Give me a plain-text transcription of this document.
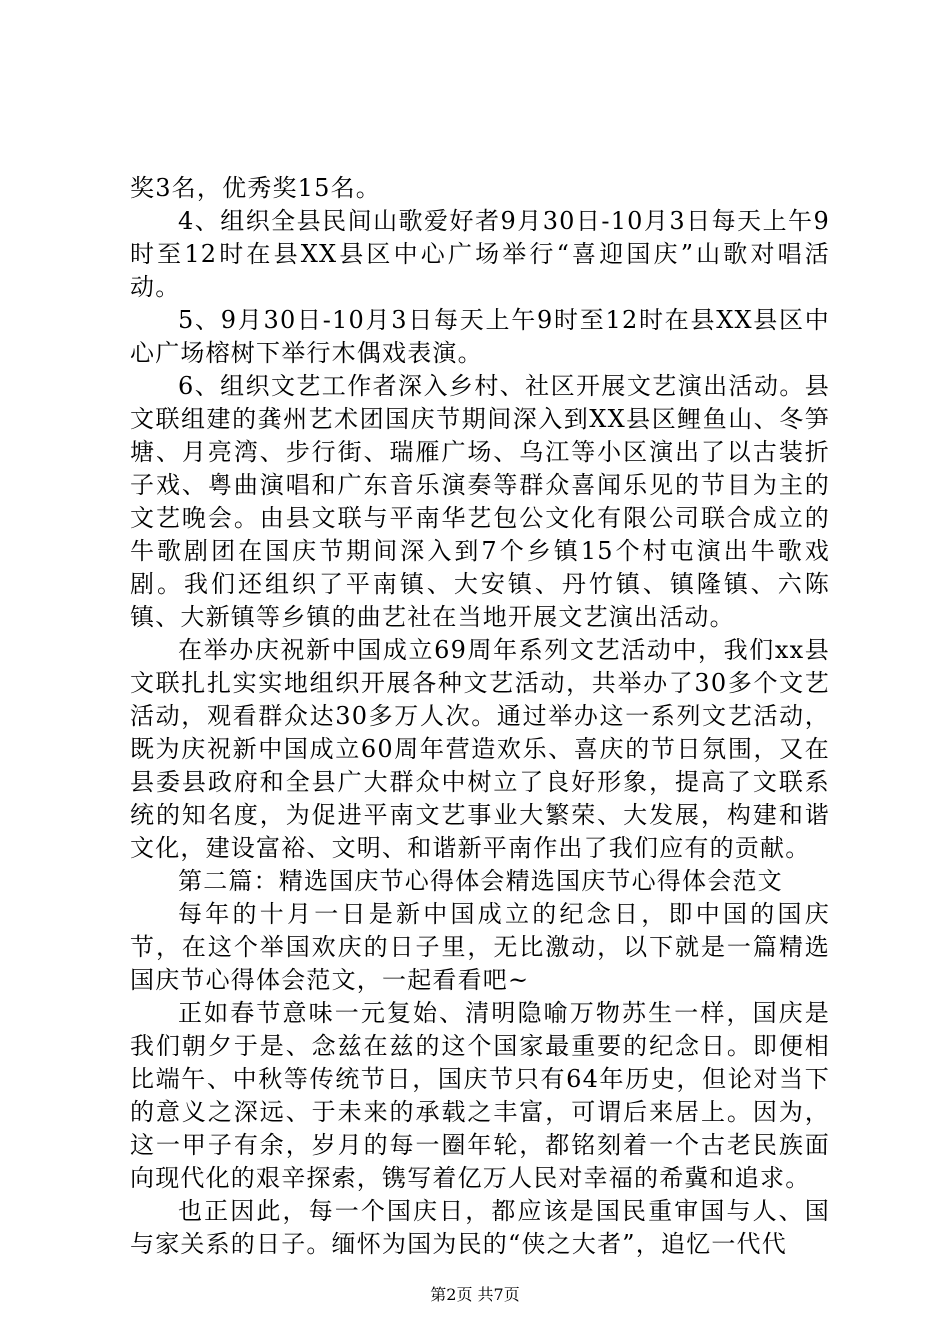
奖3名，优秀奖15名。

4、组织全县民间山歌爱好者9月30日-10月3日每天上午9时至12时在县XX县区中心广场举行“喜迎国庆”山歌对唱活动。

5、9月30日-10月3日每天上午9时至12时在县XX县区中心广场榕树下举行木偶戏表演。

6、组织文艺工作者深入乡村、社区开展文艺演出活动。县文联组建的龚州艺术团国庆节期间深入到XX县区鲤鱼山、冬笋塘、月亮湾、步行街、瑞雁广场、乌江等小区演出了以古装折子戏、粤曲演唱和广东音乐演奏等群众喜闻乐见的节目为主的文艺晚会。由县文联与平南华艺包公文化有限公司联合成立的牛歌剧团在国庆节期间深入到7个乡镇15个村屯演出牛歌戏剧。我们还组织了平南镇、大安镇、丹竹镇、镇隆镇、六陈镇、大新镇等乡镇的曲艺社在当地开展文艺演出活动。

在举办庆祝新中国成立69周年系列文艺活动中，我们xx县文联扎扎实实地组织开展各种文艺活动，共举办了30多个文艺活动，观看群众达30多万人次。通过举办这一系列文艺活动，既为庆祝新中国成立60周年营造欢乐、喜庆的节日氛围，又在县委县政府和全县广大群众中树立了良好形象，提高了文联系统的知名度，为促进平南文艺事业大繁荣、大发展，构建和谐文化，建设富裕、文明、和谐新平南作出了我们应有的贡献。

第二篇：精选国庆节心得体会精选国庆节心得体会范文

每年的十月一日是新中国成立的纪念日，即中国的国庆节，在这个举国欢庆的日子里，无比激动，以下就是一篇精选国庆节心得体会范文，一起看看吧~

正如春节意味一元复始、清明隐喻万物苏生一样，国庆是我们朝夕于是、念兹在兹的这个国家最重要的纪念日。即便相比端午、中秋等传统节日，国庆节只有64年历史，但论对当下的意义之深远、于未来的承载之丰富，可谓后来居上。因为，这一甲子有余，岁月的每一圈年轮，都铭刻着一个古老民族面向现代化的艰辛探索，镌写着亿万人民对幸福的希冀和追求。

也正因此，每一个国庆日，都应该是国民重审国与人、国与家关系的日子。缅怀为国为民的“侠之大者”，追忆一代代

第2页 共7页
